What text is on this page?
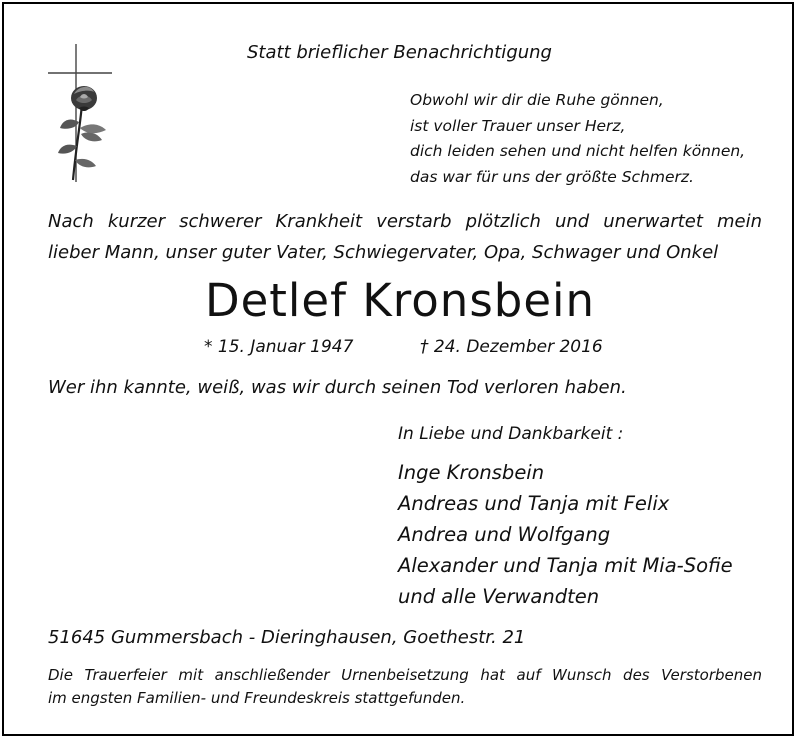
Statt brieflicher Benachrichtigung

Obwohl wir dir die Ruhe gönnen,
ist voller Trauer unser Herz,
dich leiden sehen und nicht helfen können,
das war für uns der größte Schmerz.
Nach kurzer schwerer Krankheit verstarb plötzlich und unerwartet mein
lieber Mann, unser guter Vater, Schwiegervater, Opa, Schwager und Onkel

Detlef Kronsbein

* 15. Januar 1947	† 24. Dezember 2016

Wer ihn kannte, weiß, was wir durch seinen Tod verloren haben.

In Liebe und Dankbarkeit :

Inge Kronsbein
Andreas und Tanja mit Felix
Andrea und Wolfgang
Alexander und Tanja mit Mia-Sofie
und alle Verwandten

51645 Gummersbach - Dieringhausen, Goethestr. 21

Die Trauerfeier mit anschließender Urnenbeisetzung hat auf Wunsch des Verstorbenen
im engsten Familien- und Freundeskreis stattgefunden.
